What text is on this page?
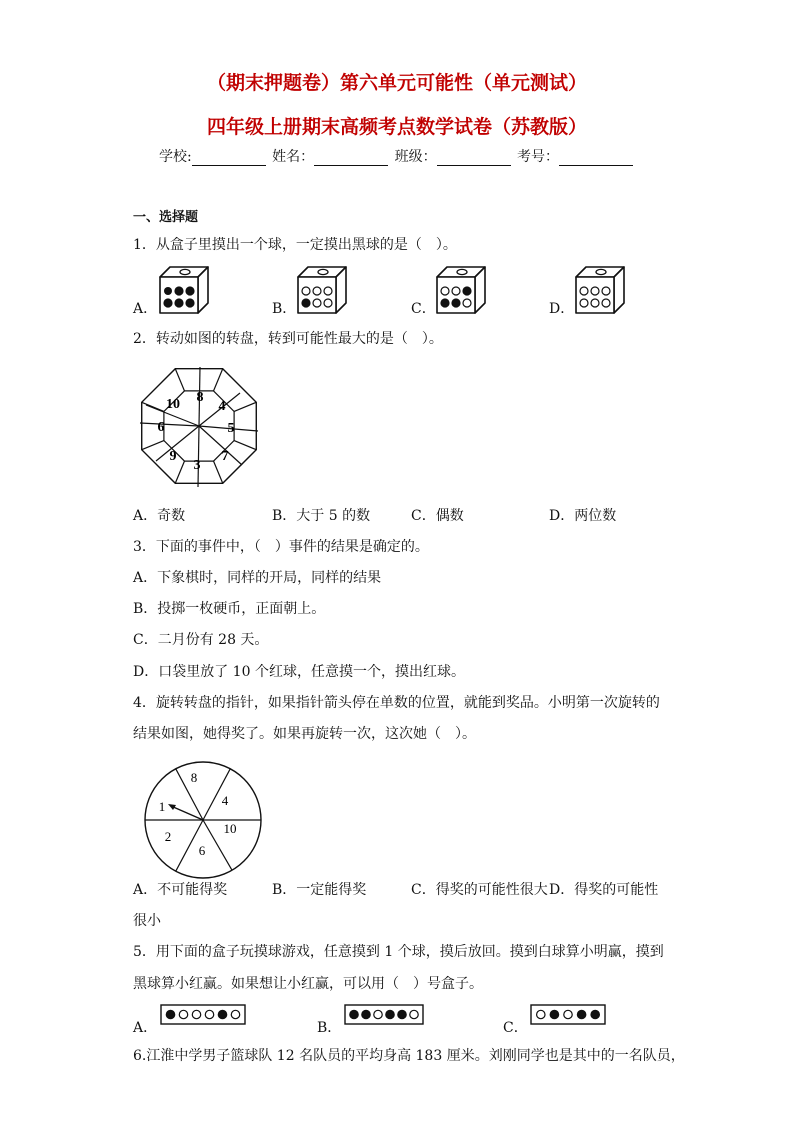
（期末押题卷）第六单元可能性（单元测试）
四年级上册期末高频考点数学试卷（苏教版）
学校:	姓名：	班级：	考号：
一、选择题
1．从盒子里摸出一个球，一定摸出黑球的是（　）。
A．	B．	C．	D．
2．转动如图的转盘，转到可能性最大的是（　）。
10 8
4
5
7
3
9
6
A．奇数	B．大于 5 的数	C．偶数	D．两位数
3．下面的事件中，（　）事件的结果是确定的。
A．下象棋时，同样的开局，同样的结果
B．投掷一枚硬币，正面朝上。
C．二月份有 28 天。
D．口袋里放了 10 个红球，任意摸一个，摸出红球。
4．旋转转盘的指针，如果指针箭头停在单数的位置，就能到奖品。小明第一次旋转的
结果如图，她得奖了。如果再旋转一次，这次她（　）。
8
4
10
6
2
1
A．不可能得奖	B．一定能得奖	C．得奖的可能性很大 D．得奖的可能性
很小
5．用下面的盒子玩摸球游戏，任意摸到 1 个球，摸后放回。摸到白球算小明赢，摸到
黑球算小红赢。如果想让小红赢，可以用（　）号盒子。
A．	B．	C．
6.江淮中学男子篮球队 12 名队员的平均身高 183 厘米。刘刚同学也是其中的一名队员，
